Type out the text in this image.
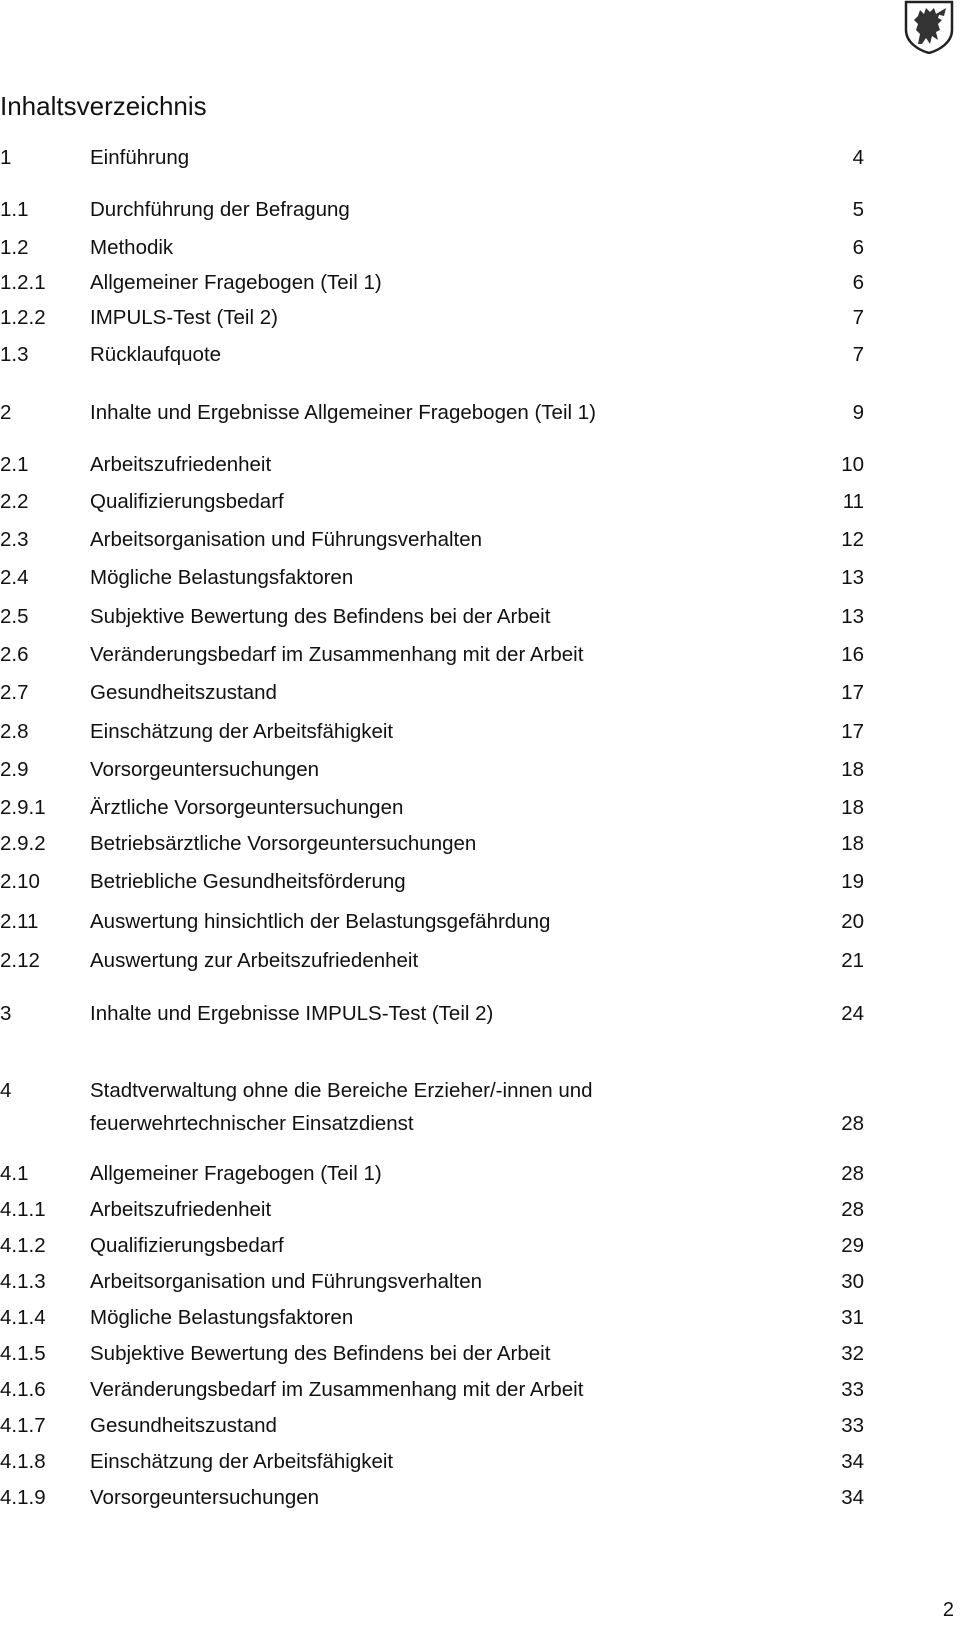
Inhaltsverzeichnis
1	Einführung	4
1.1	Durchführung der Befragung	5
1.2	Methodik	6
1.2.1 Allgemeiner Fragebogen (Teil 1)	6
1.2.2 IMPULS-Test (Teil 2)	7
1.3	Rücklaufquote	7
2	Inhalte und Ergebnisse Allgemeiner Fragebogen (Teil 1)	9
2.1	Arbeitszufriedenheit	10
2.2	Qualifizierungsbedarf	11
2.3	Arbeitsorganisation und Führungsverhalten	12
2.4	Mögliche Belastungsfaktoren	13
2.5	Subjektive Bewertung des Befindens bei der Arbeit	13
2.6	Veränderungsbedarf im Zusammenhang mit der Arbeit	16
2.7	Gesundheitszustand	17
2.8	Einschätzung der Arbeitsfähigkeit	17
2.9	Vorsorgeuntersuchungen	18
2.9.1 Ärztliche Vorsorgeuntersuchungen	18
2.9.2 Betriebsärztliche Vorsorgeuntersuchungen	18
2.10 Betriebliche Gesundheitsförderung	19
2.11	Auswertung hinsichtlich der Belastungsgefährdung	20
2.12 Auswertung zur Arbeitszufriedenheit	21
3	Inhalte und Ergebnisse IMPULS-Test (Teil 2)	24
4	Stadtverwaltung ohne die Bereiche Erzieher/-innen und
feuerwehrtechnischer Einsatzdienst	28
4.1	Allgemeiner Fragebogen (Teil 1)	28
4.1.1 Arbeitszufriedenheit	28
4.1.2 Qualifizierungsbedarf	29
4.1.3 Arbeitsorganisation und Führungsverhalten	30
4.1.4 Mögliche Belastungsfaktoren	31
4.1.5 Subjektive Bewertung des Befindens bei der Arbeit	32
4.1.6 Veränderungsbedarf im Zusammenhang mit der Arbeit	33
4.1.7 Gesundheitszustand	33
4.1.8 Einschätzung der Arbeitsfähigkeit	34
4.1.9 Vorsorgeuntersuchungen	34
2
